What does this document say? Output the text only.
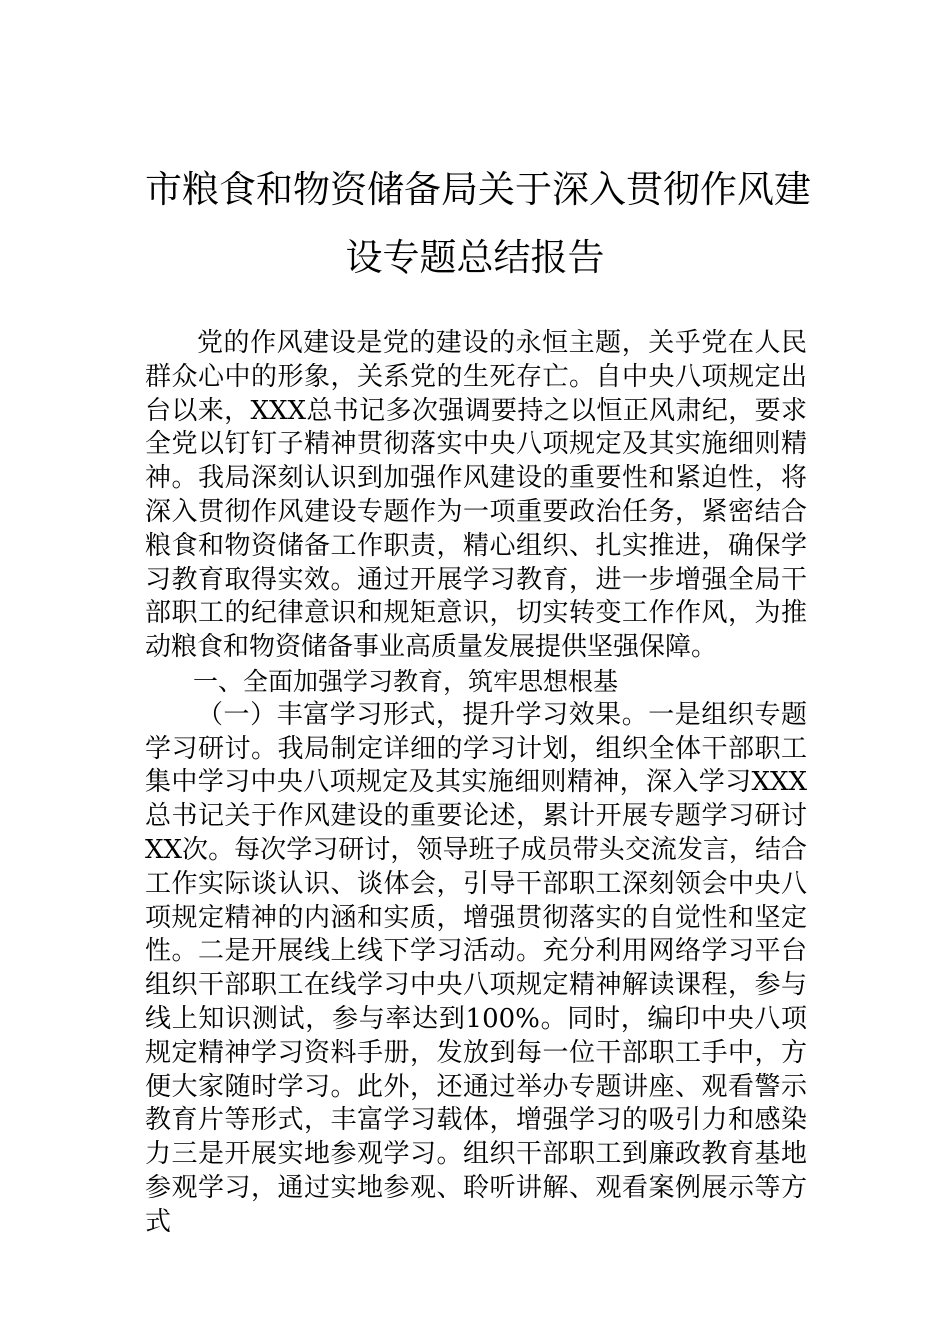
市粮食和物资储备局关于深入贯彻作风建
设专题总结报告

党的作风建设是党的建设的永恒主题，关乎党在人民群众心中的形象，关系党的生死存亡。自中央八项规定出台以来，XXX总书记多次强调要持之以恒正风肃纪，要求全党以钉钉子精神贯彻落实中央八项规定及其实施细则精神。我局深刻认识到加强作风建设的重要性和紧迫性，将深入贯彻作风建设专题作为一项重要政治任务，紧密结合粮食和物资储备工作职责，精心组织、扎实推进，确保学习教育取得实效。通过开展学习教育，进一步增强全局干部职工的纪律意识和规矩意识，切实转变工作作风，为推动粮食和物资储备事业高质量发展提供坚强保障。

一、全面加强学习教育，筑牢思想根基

（一）丰富学习形式，提升学习效果。一是组织专题学习研讨。我局制定详细的学习计划，组织全体干部职工集中学习中央八项规定及其实施细则精神，深入学习XXX总书记关于作风建设的重要论述，累计开展专题学习研讨XX次。每次学习研讨，领导班子成员带头交流发言，结合工作实际谈认识、谈体会，引导干部职工深刻领会中央八项规定精神的内涵和实质，增强贯彻落实的自觉性和坚定性。二是开展线上线下学习活动。充分利用网络学习平台组织干部职工在线学习中央八项规定精神解读课程，参与线上知识测试，参与率达到100%。同时，编印中央八项规定精神学习资料手册，发放到每一位干部职工手中，方便大家随时学习。此外，还通过举办专题讲座、观看警示教育片等形式，丰富学习载体，增强学习的吸引力和感染力三是开展实地参观学习。组织干部职工到廉政教育基地参观学习，通过实地参观、聆听讲解、观看案例展示等方式
